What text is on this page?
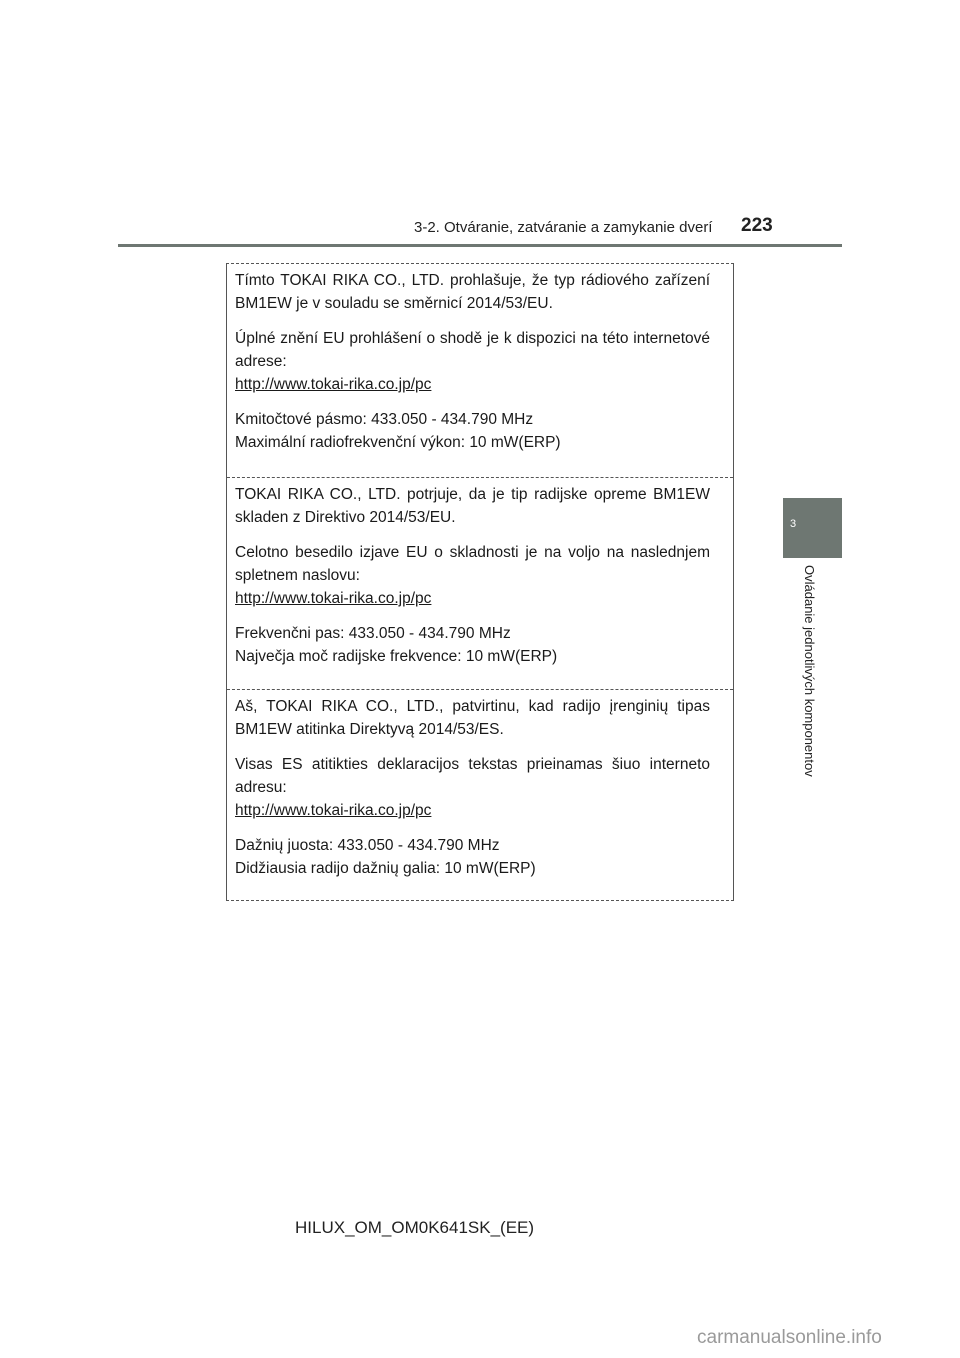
3-2. Otváranie, zatváranie a zamykanie dverí 223
3
Ovládanie jednotlivých komponentov

Tímto TOKAI RIKA CO., LTD. prohlašuje, že typ rádiového zařízení BM1EW je v souladu se směrnicí 2014/53/EU.

Úplné znění EU prohlášení o shodě je k dispozici na této internetové adrese:

http://www.tokai-rika.co.jp/pc

Kmitočtové pásmo: 433.050 - 434.790 MHz

Maximální radiofrekvenční výkon: 10 mW(ERP)

TOKAI RIKA CO., LTD. potrjuje, da je tip radijske opreme BM1EW skladen z Direktivo 2014/53/EU.

Celotno besedilo izjave EU o skladnosti je na voljo na naslednjem spletnem naslovu:

http://www.tokai-rika.co.jp/pc

Frekvenčni pas: 433.050 - 434.790 MHz

Največja moč radijske frekvence: 10 mW(ERP)

Aš, TOKAI RIKA CO., LTD., patvirtinu, kad radijo įrenginių tipas BM1EW atitinka Direktyvą 2014/53/ES.

Visas ES atitikties deklaracijos tekstas prieinamas šiuo interneto adresu:

http://www.tokai-rika.co.jp/pc

Dažnių juosta: 433.050 - 434.790 MHz

Didžiausia radijo dažnių galia: 10 mW(ERP)

HILUX_OM_OM0K641SK_(EE)
carmanualsonline.info
